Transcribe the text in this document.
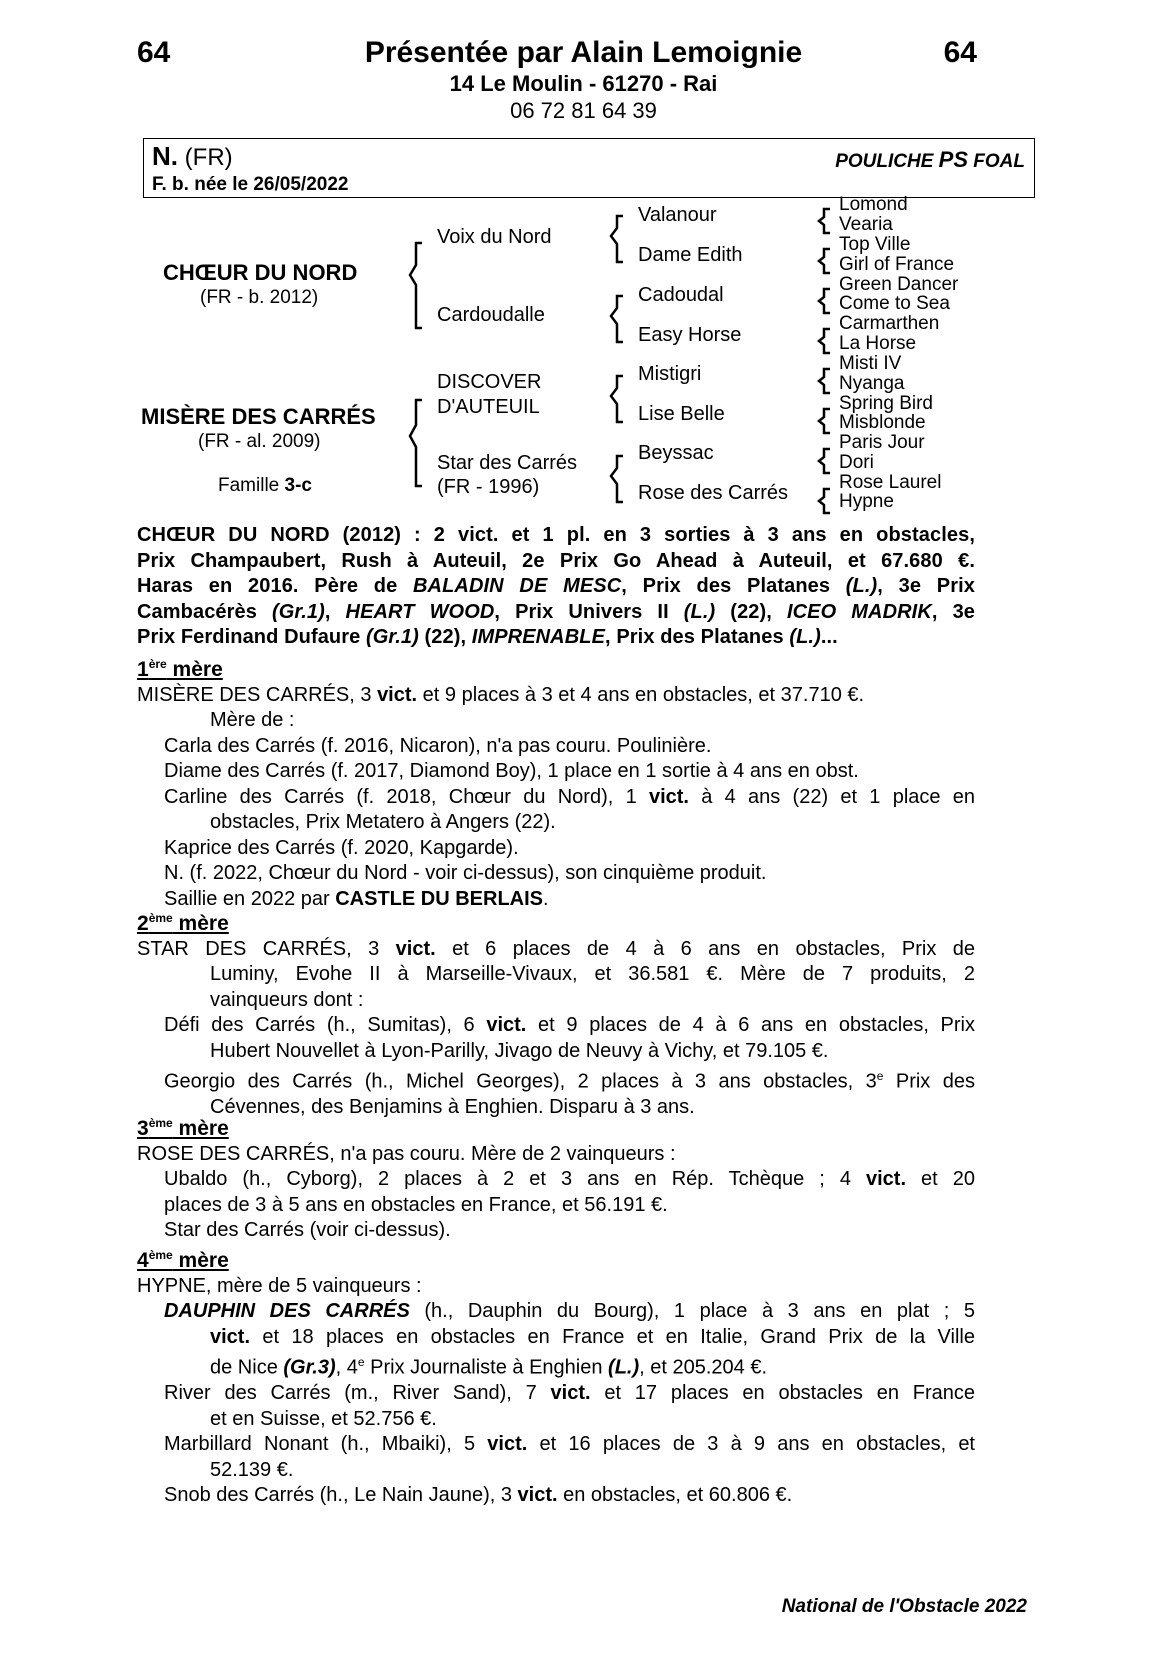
64	Présentée par Alain Lemoignie	64
14 Le Moulin - 61270 - Rai
06 72 81 64 39
N. (FR)	POULICHE PS FOAL
F. b. née le 26/05/2022
CHŒUR DU NORD
(FR - b. 2012)
MISÈRE DES CARRÉS
(FR - al. 2009)
Famille 3-c
Voix du Nord
Cardoudalle
DISCOVER
D'AUTEUIL
Star des Carrés
(FR - 1996)
Valanour
Dame Edith
Cadoudal
Easy Horse
Mistigri
Lise Belle
Beyssac
Rose des Carrés
Lomond
Vearia
Top Ville
Girl of France
Green Dancer
Come to Sea
Carmarthen
La Horse
Misti IV
Nyanga
Spring Bird
Misblonde
Paris Jour
Dori
Rose Laurel
Hypne
CHŒUR DU NORD (2012) : 2 vict. et 1 pl. en 3 sorties à 3 ans en obstacles,
Prix Champaubert, Rush à Auteuil, 2e Prix Go Ahead à Auteuil, et 67.680 €.
Haras en 2016. Père de BALADIN DE MESC, Prix des Platanes (L.), 3e Prix
Cambacérès (Gr.1), HEART WOOD, Prix Univers II (L.) (22), ICEO MADRIK, 3e
Prix Ferdinand Dufaure (Gr.1) (22), IMPRENABLE, Prix des Platanes (L.)...
1ère mère
MISÈRE DES CARRÉS, 3 vict. et 9 places à 3 et 4 ans en obstacles, et 37.710 €.
Mère de :
Carla des Carrés (f. 2016, Nicaron), n'a pas couru. Poulinière.
Diame des Carrés (f. 2017, Diamond Boy), 1 place en 1 sortie à 4 ans en obst.
Carline des Carrés (f. 2018, Chœur du Nord), 1 vict. à 4 ans (22) et 1 place en
obstacles, Prix Metatero à Angers (22).
Kaprice des Carrés (f. 2020, Kapgarde).
N. (f. 2022, Chœur du Nord - voir ci-dessus), son cinquième produit.
Saillie en 2022 par CASTLE DU BERLAIS.
2ème mère
STAR DES CARRÉS, 3 vict. et 6 places de 4 à 6 ans en obstacles, Prix de
Luminy, Evohe II à Marseille-Vivaux, et 36.581 €. Mère de 7 produits, 2
vainqueurs dont :
Défi des Carrés (h., Sumitas), 6 vict. et 9 places de 4 à 6 ans en obstacles, Prix
Hubert Nouvellet à Lyon-Parilly, Jivago de Neuvy à Vichy, et 79.105 €.
Georgio des Carrés (h., Michel Georges), 2 places à 3 ans obstacles, 3e Prix des
Cévennes, des Benjamins à Enghien. Disparu à 3 ans.
3ème mère
ROSE DES CARRÉS, n'a pas couru. Mère de 2 vainqueurs :
Ubaldo (h., Cyborg), 2 places à 2 et 3 ans en Rép. Tchèque ; 4 vict. et 20
places de 3 à 5 ans en obstacles en France, et 56.191 €.
Star des Carrés (voir ci-dessus).
4ème mère
HYPNE, mère de 5 vainqueurs :
DAUPHIN DES CARRÉS (h., Dauphin du Bourg), 1 place à 3 ans en plat ; 5
vict. et 18 places en obstacles en France et en Italie, Grand Prix de la Ville
de Nice (Gr.3), 4e Prix Journaliste à Enghien (L.), et 205.204 €.
River des Carrés (m., River Sand), 7 vict. et 17 places en obstacles en France
et en Suisse, et 52.756 €.
Marbillard Nonant (h., Mbaiki), 5 vict. et 16 places de 3 à 9 ans en obstacles, et
52.139 €.
Snob des Carrés (h., Le Nain Jaune), 3 vict. en obstacles, et 60.806 €.
National de l'Obstacle 2022
